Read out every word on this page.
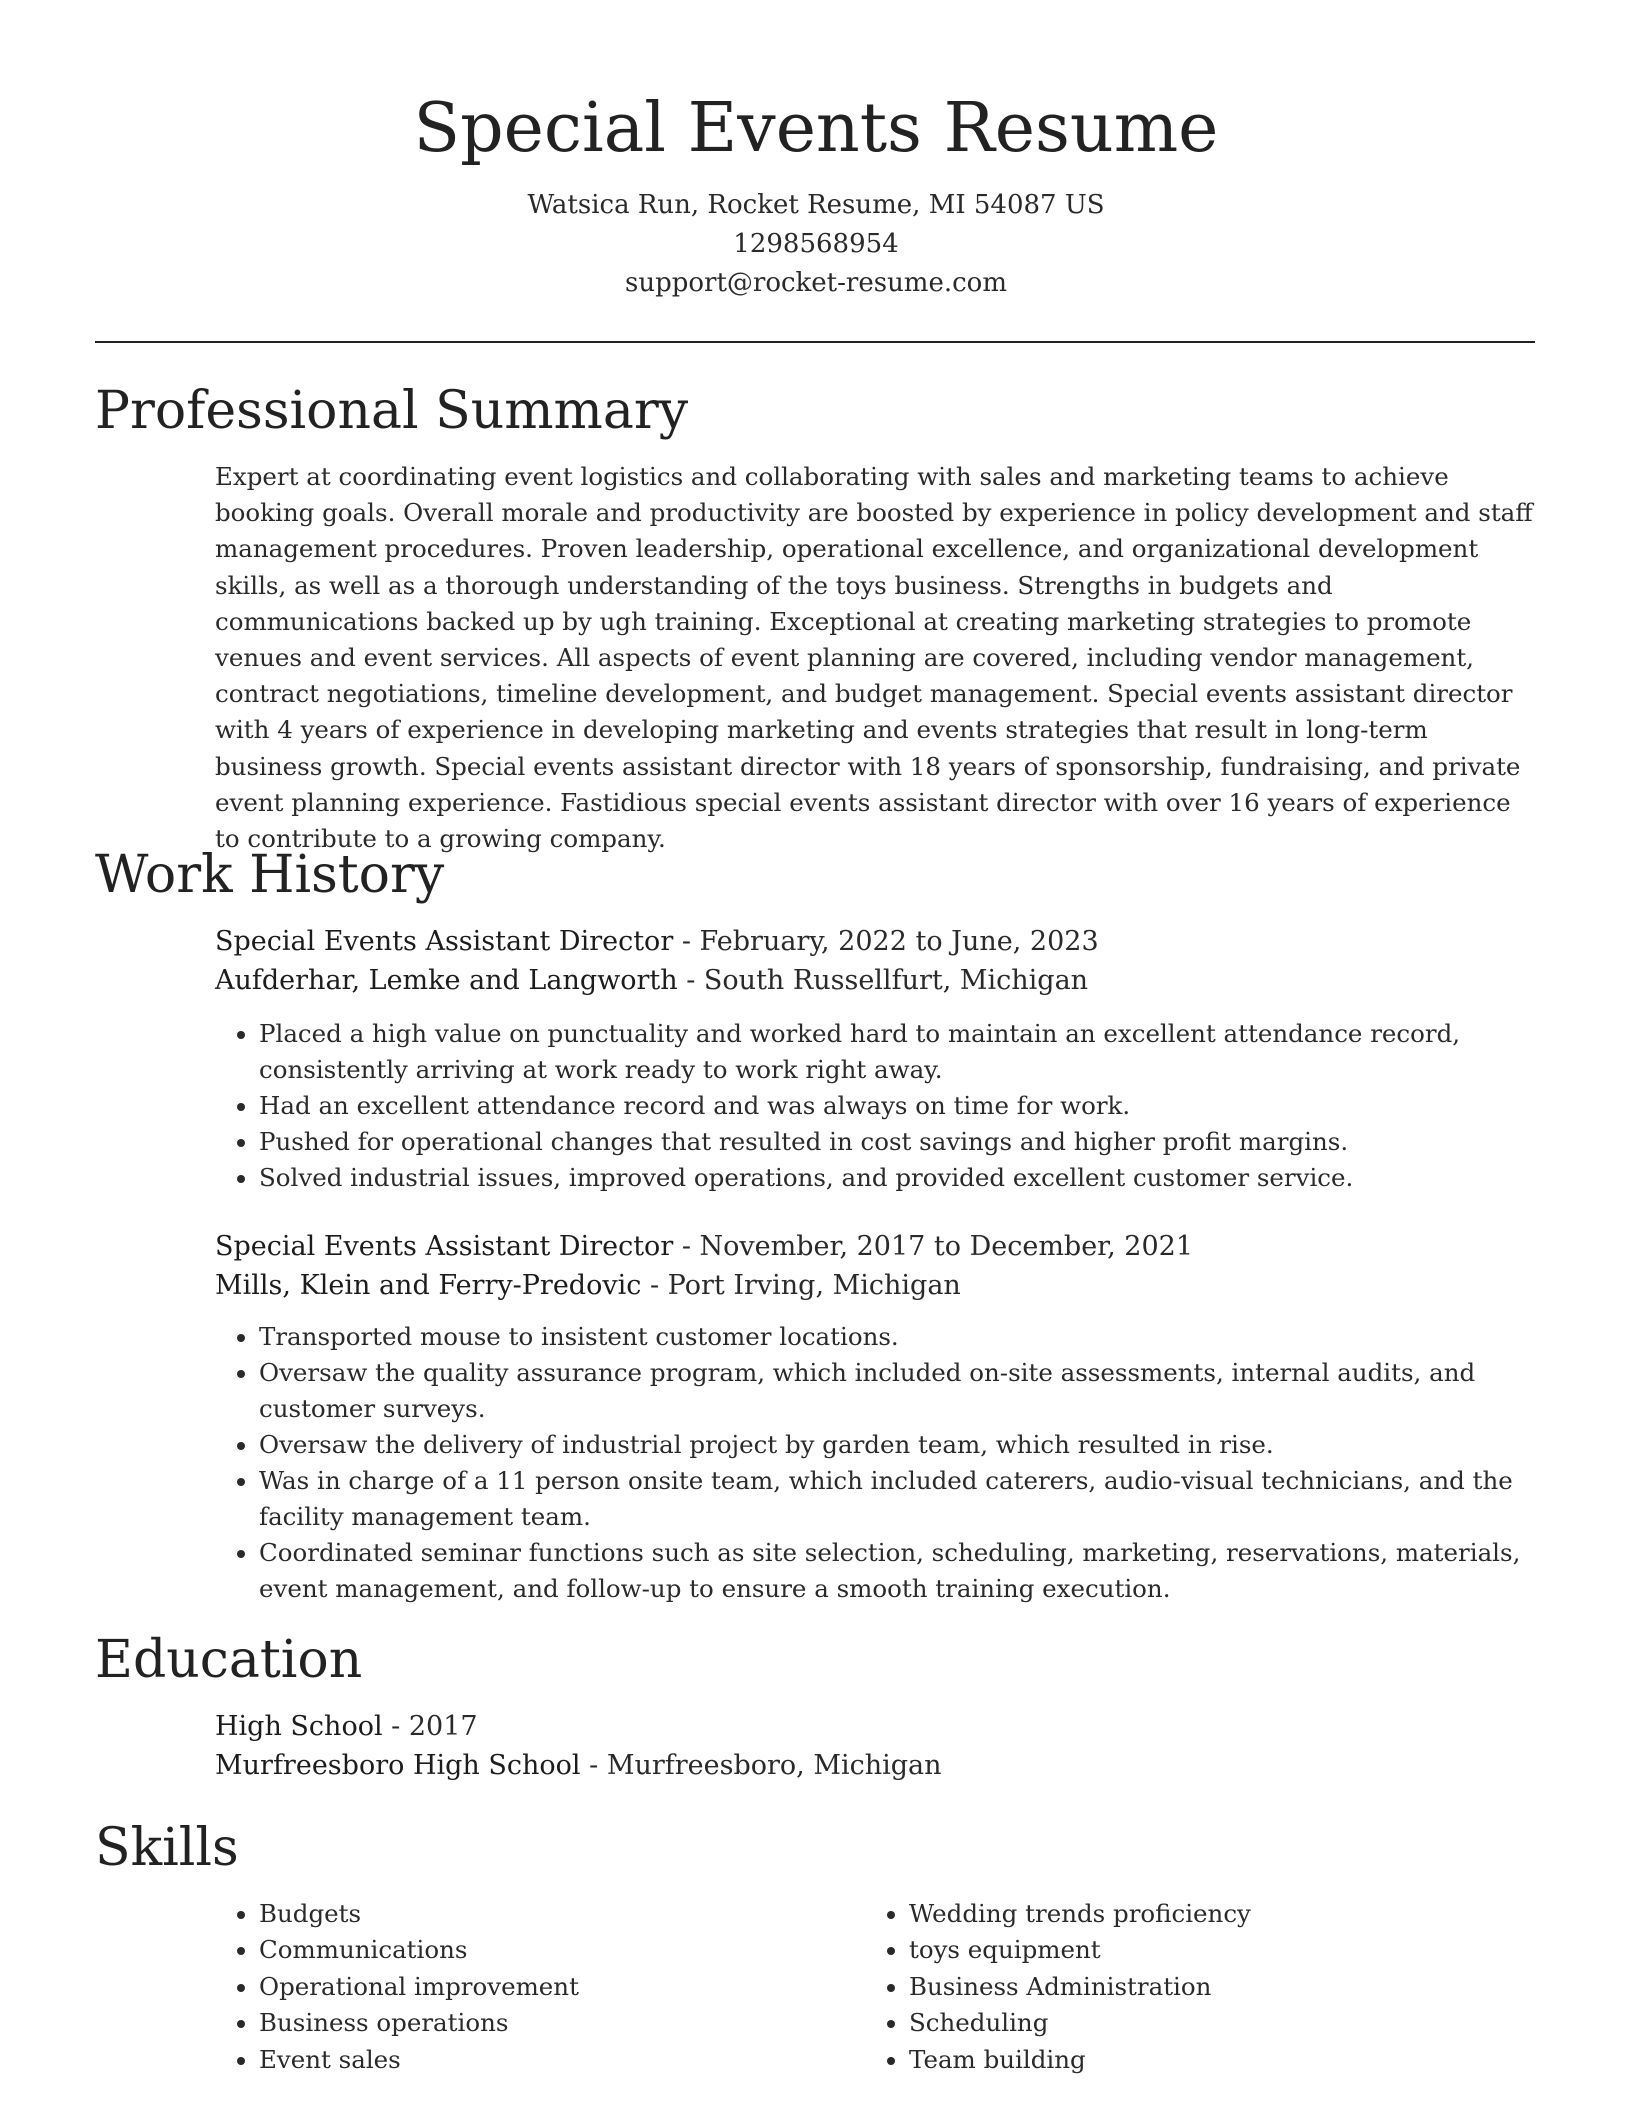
Special Events Resume
Watsica Run, Rocket Resume, MI 54087 US
1298568954
support@rocket-resume.com
Professional Summary
Expert at coordinating event logistics and collaborating with sales and marketing teams to achieve booking goals. Overall morale and productivity are boosted by experience in policy development and staff management procedures. Proven leadership, operational excellence, and organizational development skills, as well as a thorough understanding of the toys business. Strengths in budgets and communications backed up by ugh training. Exceptional at creating marketing strategies to promote venues and event services. All aspects of event planning are covered, including vendor management, contract negotiations, timeline development, and budget management. Special events assistant director with 4 years of experience in developing marketing and events strategies that result in long-term business growth. Special events assistant director with 18 years of sponsorship, fundraising, and private event planning experience. Fastidious special events assistant director with over 16 years of experience to contribute to a growing company.
Work History
Special Events Assistant Director - February, 2022 to June, 2023
Aufderhar, Lemke and Langworth - South Russellfurt, Michigan
• Placed a high value on punctuality and worked hard to maintain an excellent attendance record, consistently arriving at work ready to work right away.
• Had an excellent attendance record and was always on time for work.
• Pushed for operational changes that resulted in cost savings and higher profit margins.
• Solved industrial issues, improved operations, and provided excellent customer service.
Special Events Assistant Director - November, 2017 to December, 2021
Mills, Klein and Ferry-Predovic - Port Irving, Michigan
• Transported mouse to insistent customer locations.
• Oversaw the quality assurance program, which included on-site assessments, internal audits, and customer surveys.
• Oversaw the delivery of industrial project by garden team, which resulted in rise.
• Was in charge of a 11 person onsite team, which included caterers, audio-visual technicians, and the facility management team.
• Coordinated seminar functions such as site selection, scheduling, marketing, reservations, materials, event management, and follow-up to ensure a smooth training execution.
Education
High School - 2017
Murfreesboro High School - Murfreesboro, Michigan
Skills
• Budgets
• Communications
• Operational improvement
• Business operations
• Event sales
• Wedding trends proficiency
• toys equipment
• Business Administration
• Scheduling
• Team building
